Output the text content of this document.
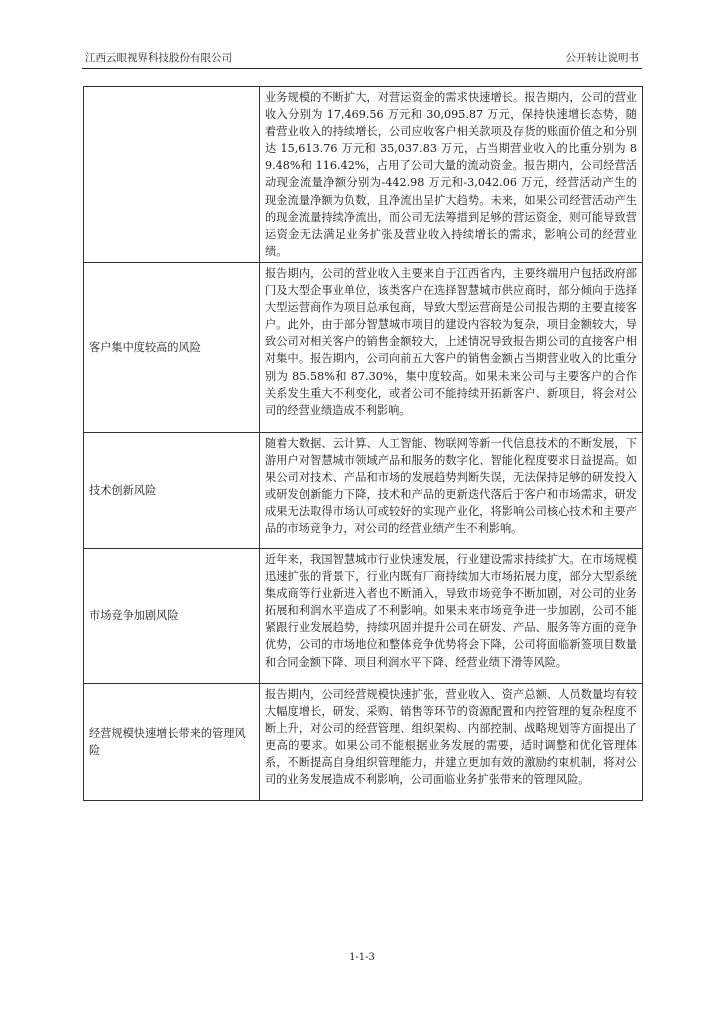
江西云眼视界科技股份有限公司	公开转让说明书
	业务规模的不断扩大，对营运资金的需求快速增长。报告期内，公司的营业收入分别为 17,469.56 万元和 30,095.87 万元，保持快速增长态势，随着营业收入的持续增长，公司应收客户相关款项及存货的账面价值之和分别达 15,613.76 万元和 35,037.83 万元，占当期营业收入的比重分别为 89.48%和 116.42%，占用了公司大量的流动资金。报告期内，公司经营活动现金流量净额分别为-442.98 万元和-3,042.06 万元，经营活动产生的现金流量净额为负数，且净流出呈扩大趋势。未来，如果公司经营活动产生的现金流量持续净流出，而公司无法筹措到足够的营运资金，则可能导致营运资金无法满足业务扩张及营业收入持续增长的需求，影响公司的经营业绩。
客户集中度较高的风险	报告期内，公司的营业收入主要来自于江西省内，主要终端用户包括政府部门及大型企事业单位，该类客户在选择智慧城市供应商时，部分倾向于选择大型运营商作为项目总承包商，导致大型运营商是公司报告期的主要直接客户。此外，由于部分智慧城市项目的建设内容较为复杂，项目金额较大，导致公司对相关客户的销售金额较大，上述情况导致报告期公司的直接客户相对集中。报告期内，公司向前五大客户的销售金额占当期营业收入的比重分别为 85.58%和 87.30%，集中度较高。如果未来公司与主要客户的合作关系发生重大不利变化，或者公司不能持续开拓新客户、新项目，将会对公司的经营业绩造成不利影响。
技术创新风险	随着大数据、云计算、人工智能、物联网等新一代信息技术的不断发展，下游用户对智慧城市领域产品和服务的数字化、智能化程度要求日益提高。如果公司对技术、产品和市场的发展趋势判断失误，无法保持足够的研发投入或研发创新能力下降，技术和产品的更新迭代落后于客户和市场需求，研发成果无法取得市场认可或较好的实现产业化，将影响公司核心技术和主要产品的市场竞争力，对公司的经营业绩产生不利影响。
市场竞争加剧风险	近年来，我国智慧城市行业快速发展，行业建设需求持续扩大。在市场规模迅速扩张的背景下，行业内既有厂商持续加大市场拓展力度，部分大型系统集成商等行业新进入者也不断涌入，导致市场竞争不断加剧，对公司的业务拓展和利润水平造成了不利影响。如果未来市场竞争进一步加剧，公司不能紧跟行业发展趋势，持续巩固并提升公司在研发、产品、服务等方面的竞争优势，公司的市场地位和整体竞争优势将会下降，公司将面临新签项目数量和合同金额下降、项目利润水平下降、经营业绩下滑等风险。
经营规模快速增长带来的管理风险	报告期内，公司经营规模快速扩张，营业收入、资产总额、人员数量均有较大幅度增长，研发、采购、销售等环节的资源配置和内控管理的复杂程度不断上升，对公司的经营管理、组织架构、内部控制、战略规划等方面提出了更高的要求。如果公司不能根据业务发展的需要，适时调整和优化管理体系，不断提高自身组织管理能力，并建立更加有效的激励约束机制，将对公司的业务发展造成不利影响，公司面临业务扩张带来的管理风险。
1-1-3
